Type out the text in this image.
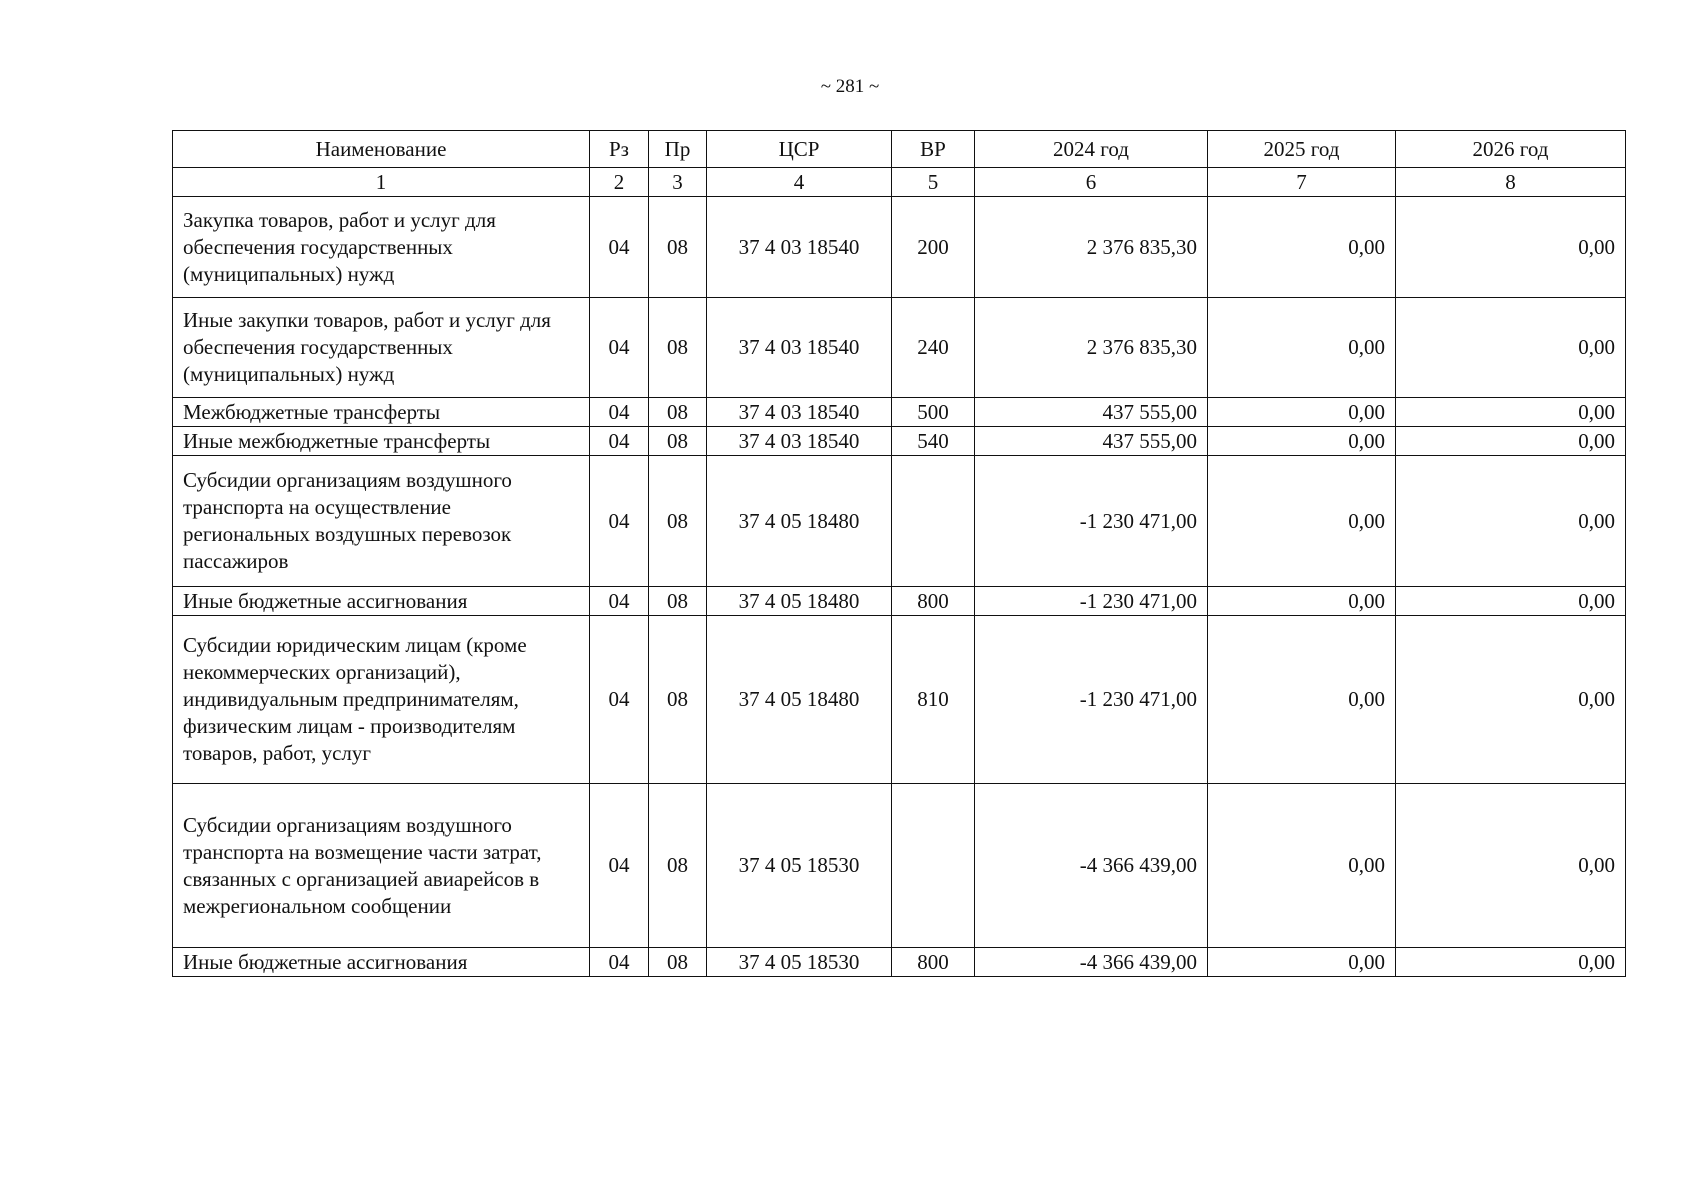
~ 281 ~
Наименование	Рз	Пр	ЦСР	ВР	2024 год	2025 год	2026 год
1	2	3	4	5	6	7	8
Закупка товаров, работ и услуг для обеспечения государственных (муниципальных) нужд	04	08	37 4 03 18540	200	2 376 835,30	0,00	0,00
Иные закупки товаров, работ и услуг для обеспечения государственных (муниципальных) нужд	04	08	37 4 03 18540	240	2 376 835,30	0,00	0,00
Межбюджетные трансферты	04	08	37 4 03 18540	500	437 555,00	0,00	0,00
Иные межбюджетные трансферты	04	08	37 4 03 18540	540	437 555,00	0,00	0,00
Субсидии организациям воздушного транспорта на осуществление региональных воздушных перевозок пассажиров	04	08	37 4 05 18480		-1 230 471,00	0,00	0,00
Иные бюджетные ассигнования	04	08	37 4 05 18480	800	-1 230 471,00	0,00	0,00
Субсидии юридическим лицам (кроме некоммерческих организаций), индивидуальным предпринимателям, физическим лицам - производителям товаров, работ, услуг	04	08	37 4 05 18480	810	-1 230 471,00	0,00	0,00
Субсидии организациям воздушного транспорта на возмещение части затрат, связанных с организацией авиарейсов в межрегиональном сообщении	04	08	37 4 05 18530		-4 366 439,00	0,00	0,00
Иные бюджетные ассигнования	04	08	37 4 05 18530	800	-4 366 439,00	0,00	0,00
